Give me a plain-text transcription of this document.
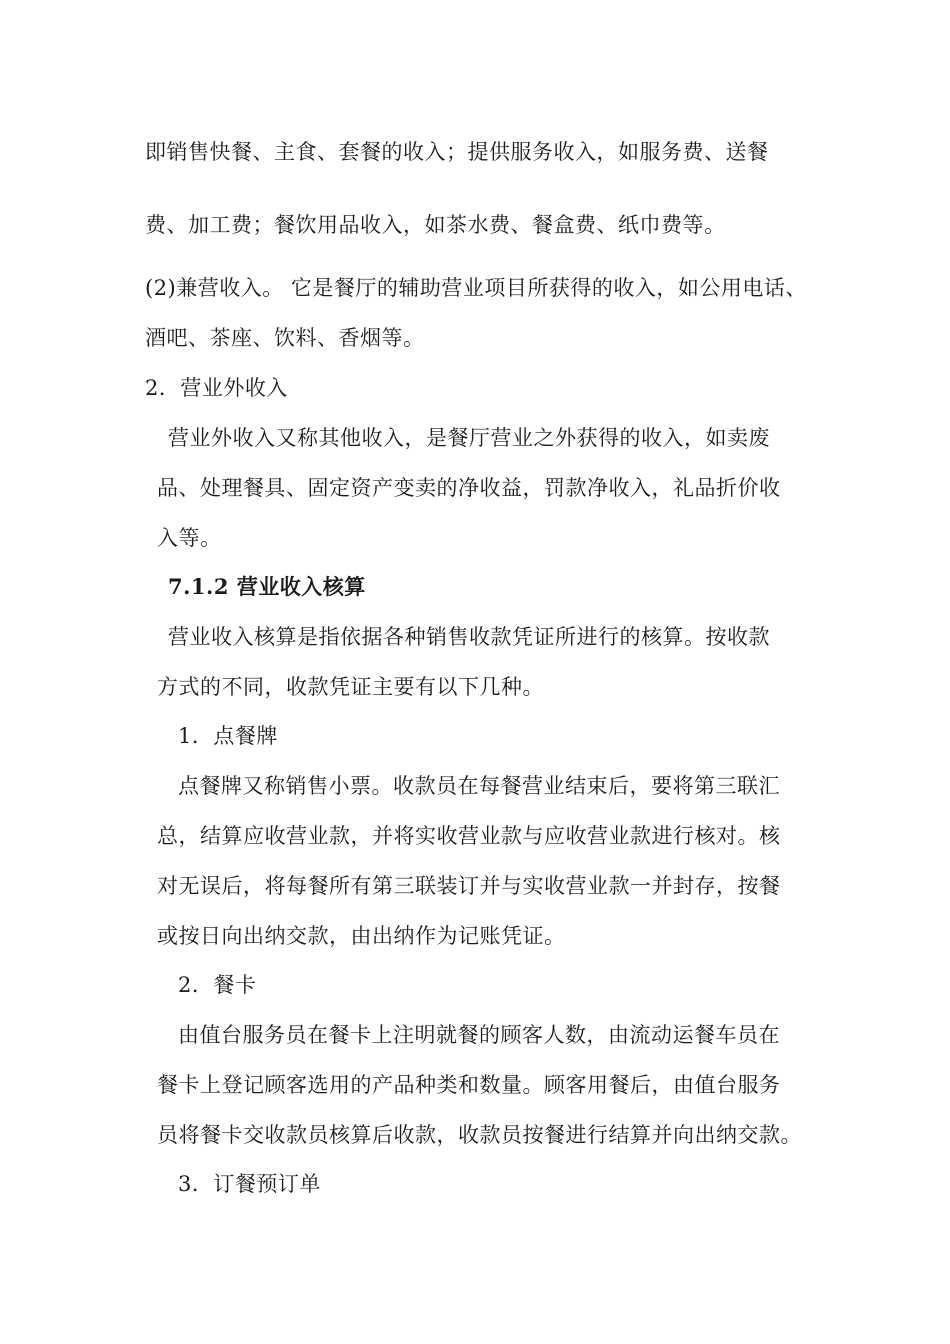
即销售快餐、主食、套餐的收入；提供服务收入，如服务费、送餐
费、加工费；餐饮用品收入，如茶水费、餐盒费、纸巾费等。
(2)兼营收入。 它是餐厅的辅助营业项目所获得的收入，如公用电话、
酒吧、茶座、饮料、香烟等。
2．营业外收入
营业外收入又称其他收入，是餐厅营业之外获得的收入，如卖废
品、处理餐具、固定资产变卖的净收益，罚款净收入，礼品折价收
入等。
7.1.2 营业收入核算
营业收入核算是指依据各种销售收款凭证所进行的核算。按收款
方式的不同，收款凭证主要有以下几种。
1．点餐牌
点餐牌又称销售小票。收款员在每餐营业结束后，要将第三联汇
总，结算应收营业款，并将实收营业款与应收营业款进行核对。核
对无误后，将每餐所有第三联装订并与实收营业款一并封存，按餐
或按日向出纳交款，由出纳作为记账凭证。
2．餐卡
由值台服务员在餐卡上注明就餐的顾客人数，由流动运餐车员在
餐卡上登记顾客选用的产品种类和数量。顾客用餐后，由值台服务
员将餐卡交收款员核算后收款，收款员按餐进行结算并向出纳交款。
3．订餐预订单
